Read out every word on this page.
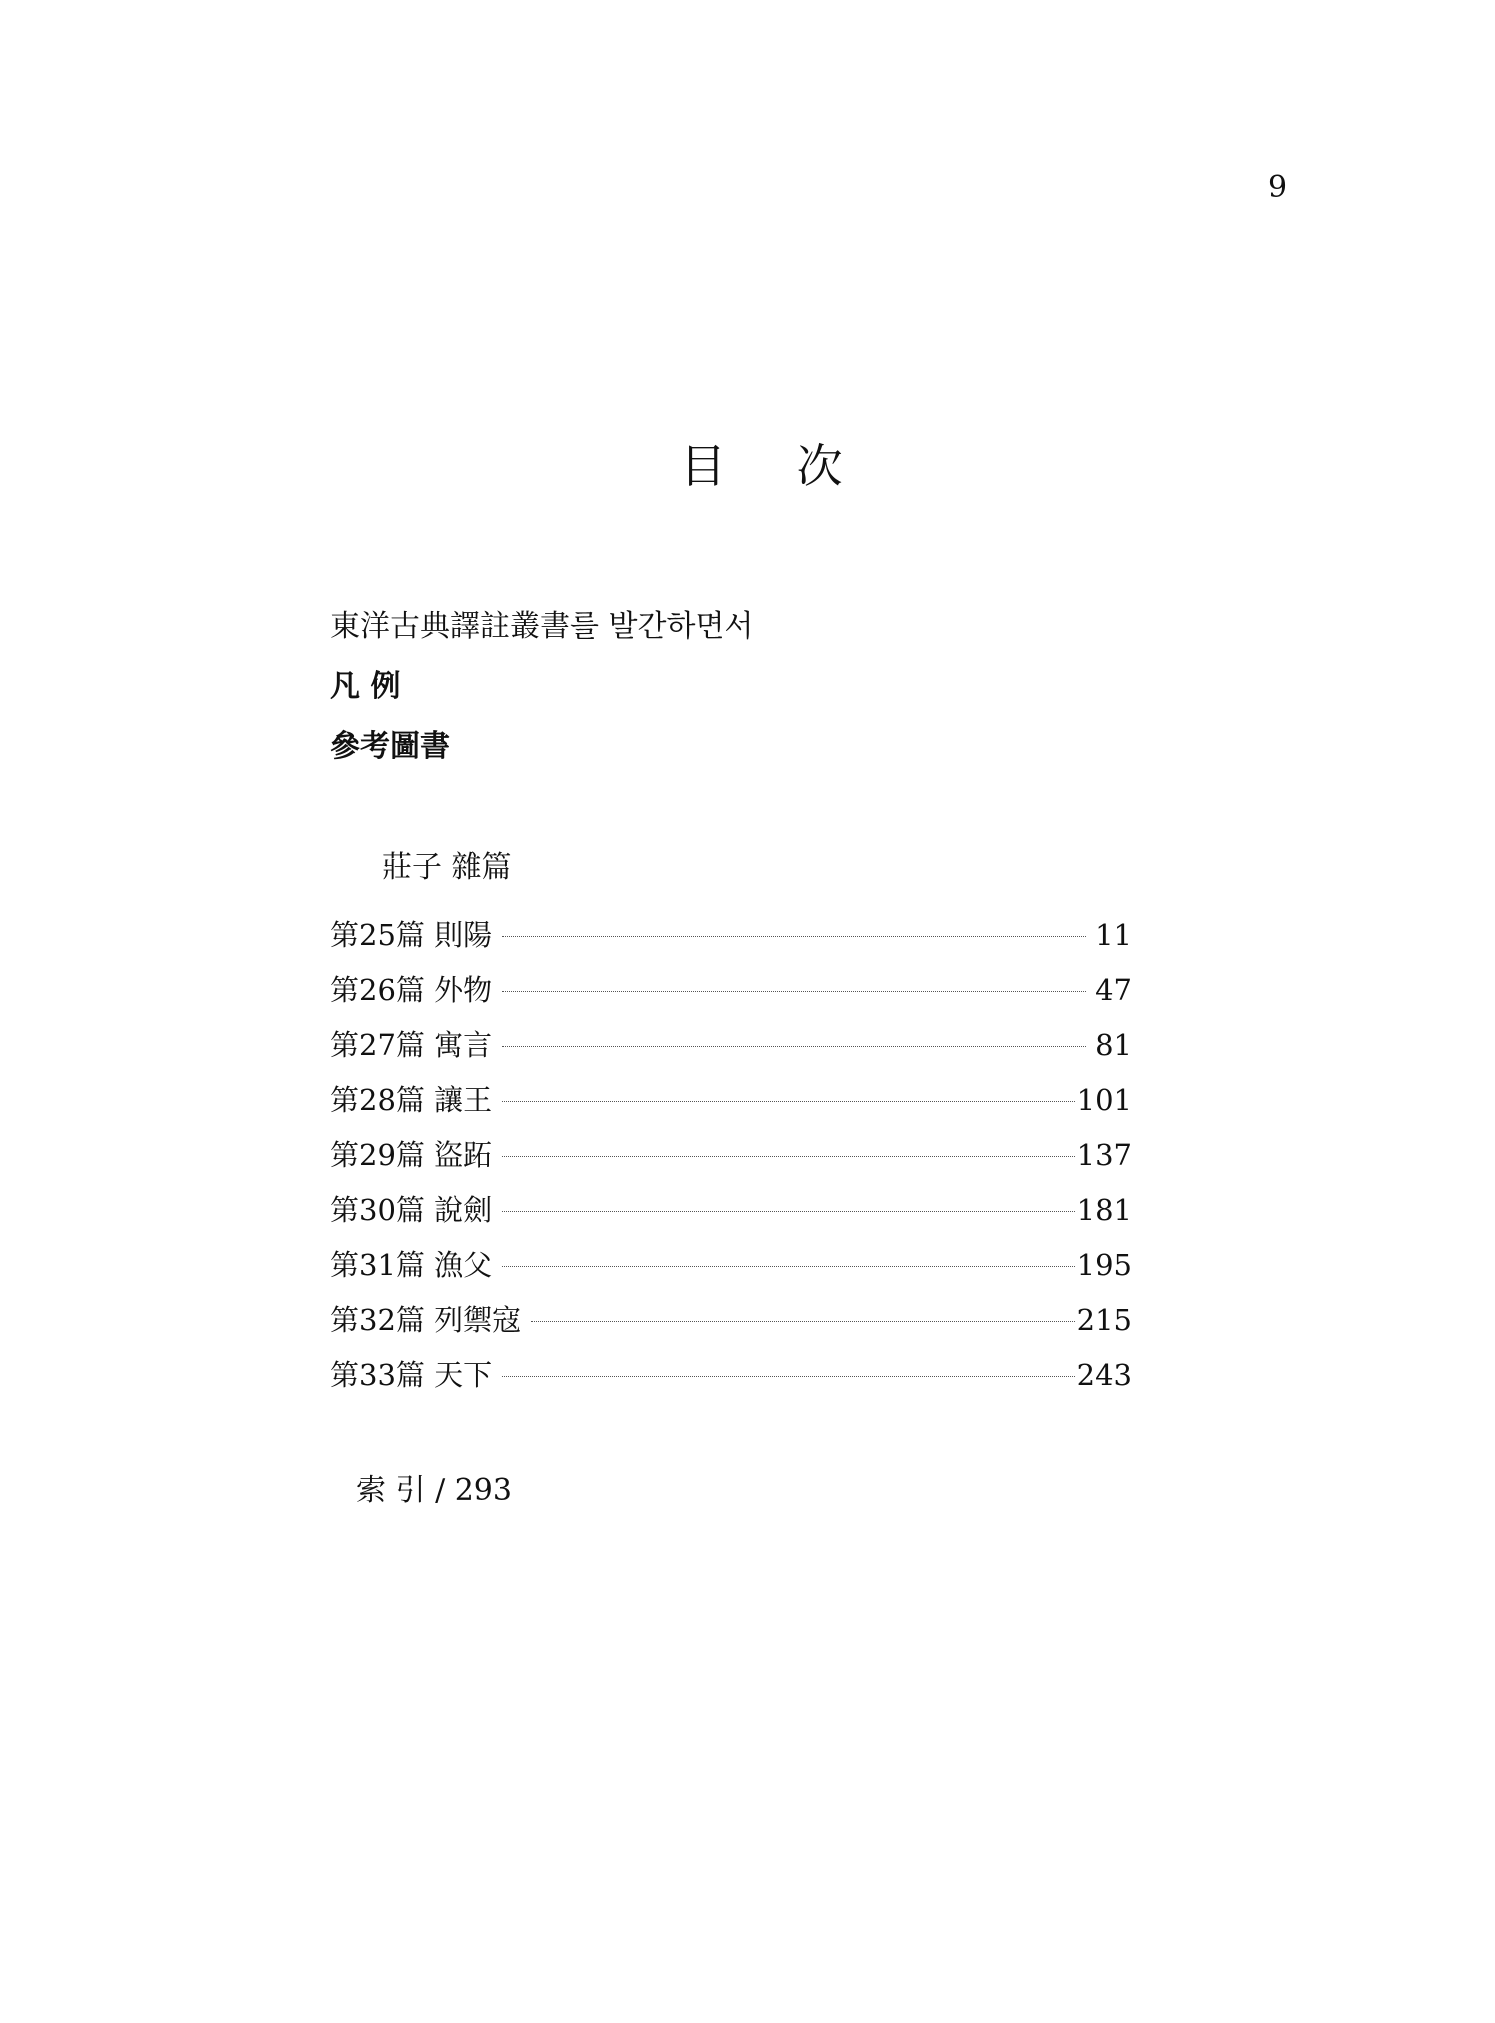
9
目 次
東洋古典譯註叢書를 발간하면서
凡 例
參考圖書
莊子 雜篇
第25篇 則陽	11
第26篇 外物	47
第27篇 寓言	81
第28篇 讓王	101
第29篇 盜跖	137
第30篇 說劍	181
第31篇 漁父	195
第32篇 列禦寇	215
第33篇 天下	243
索 引 / 293
